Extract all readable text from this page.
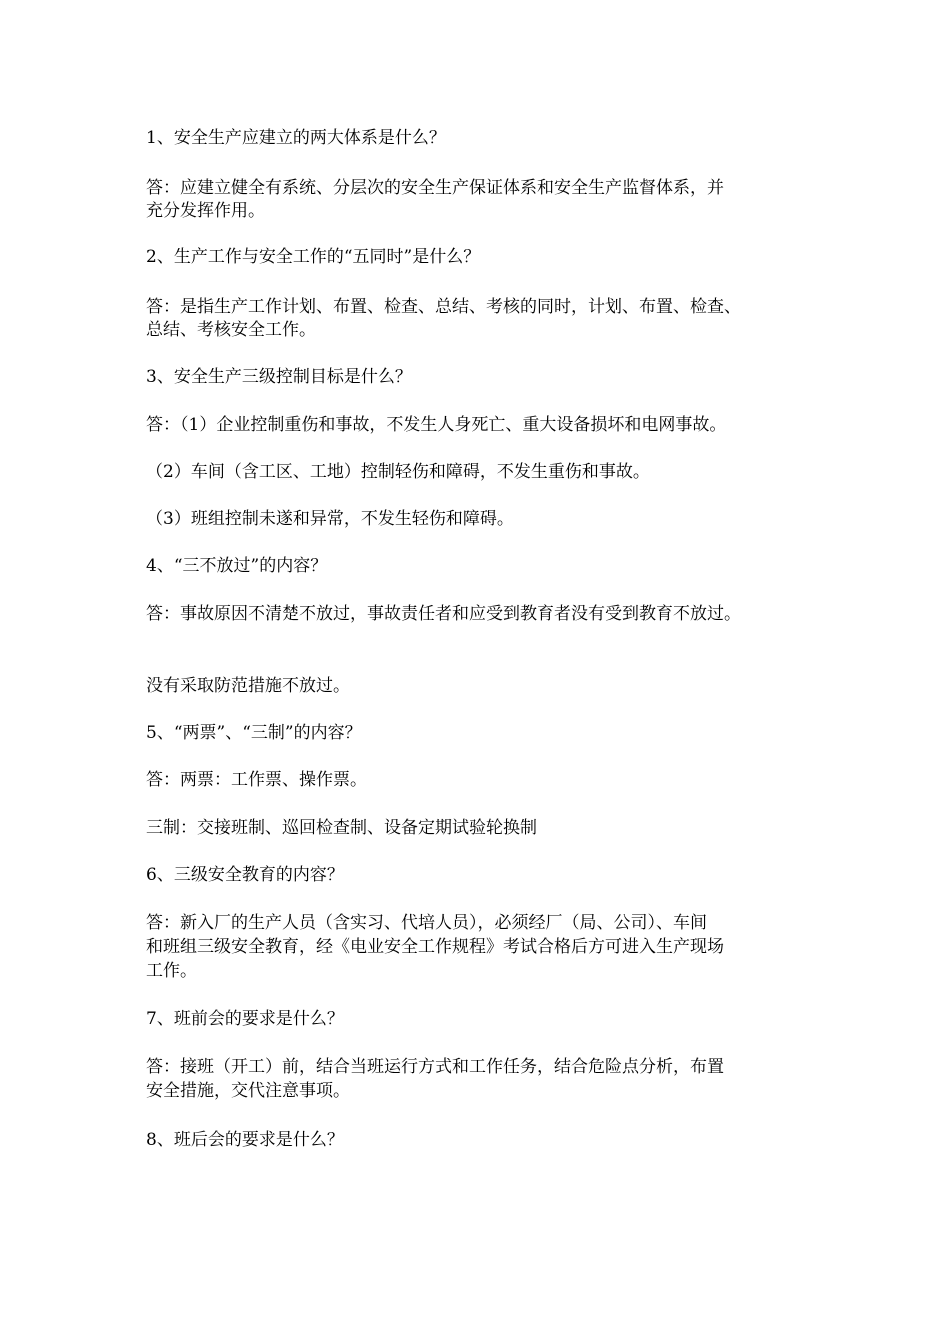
1、安全生产应建立的两大体系是什么？
答：应建立健全有系统、分层次的安全生产保证体系和安全生产监督体系，并
充分发挥作用。
2、生产工作与安全工作的“五同时”是什么？
答：是指生产工作计划、布置、检查、总结、考核的同时，计划、布置、检查、
总结、考核安全工作。
3、安全生产三级控制目标是什么？
答：（1）企业控制重伤和事故，不发生人身死亡、重大设备损坏和电网事故。
（2）车间（含工区、工地）控制轻伤和障碍，不发生重伤和事故。
（3）班组控制未遂和异常，不发生轻伤和障碍。
4、“三不放过”的内容？
答：事故原因不清楚不放过，事故责任者和应受到教育者没有受到教育不放过。
没有采取防范措施不放过。
5、“两票”、“三制”的内容？
答：两票：工作票、操作票。
三制：交接班制、巡回检查制、设备定期试验轮换制
6、三级安全教育的内容？
答：新入厂的生产人员（含实习、代培人员），必须经厂（局、公司）、车间
和班组三级安全教育，经《电业安全工作规程》考试合格后方可进入生产现场
工作。
7、班前会的要求是什么？
答：接班（开工）前，结合当班运行方式和工作任务，结合危险点分析，布置
安全措施，交代注意事项。
8、班后会的要求是什么？
